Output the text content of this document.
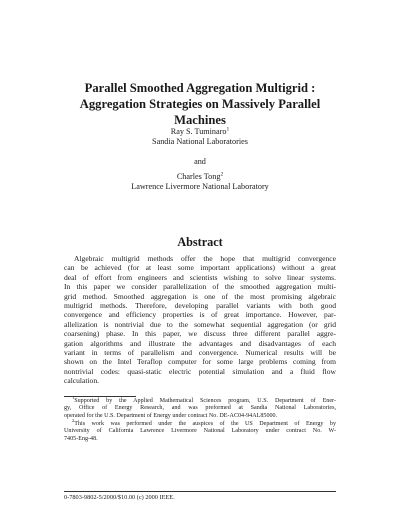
Parallel Smoothed Aggregation Multigrid :
Aggregation Strategies on Massively Parallel
Machines
Ray S. Tuminaro$^1$
Sandia National Laboratories
and
Charles Tong$^2$
Lawrence Livermore National Laboratory
Abstract
Algebraic multigrid methods offer the hope that multigrid convergence
can be achieved (for at least some important applications) without a great
deal of effort from engineers and scientists wishing to solve linear systems.
In this paper we consider parallelization of the smoothed aggregation multi-
grid method. Smoothed aggregation is one of the most promising algebraic
multigrid methods. Therefore, developing parallel variants with both good
convergence and efficiency properties is of great importance. However, par-
allelization is nontrivial due to the somewhat sequential aggregation (or grid
coarsening) phase. In this paper, we discuss three different parallel aggre-
gation algorithms and illustrate the advantages and disadvantages of each
variant in terms of parallelism and convergence. Numerical results will be
shown on the Intel Teraflop computer for some large problems coming from
nontrivial codes: quasi-static electric potential simulation and a fluid flow
calculation.
$^1$Supported by the Applied Mathematical Sciences program, U.S. Department of Ener-
gy, Office of Energy Research, and was preformed at Sandia National Laboratories,
operated for the U.S. Department of Energy under contract No. DE-AC04-94AL85000.
$^2$This work was performed under the auspices of the US Department of Energy by
University of California Lawrence Livermore National Laboratory under contract No. W-
7405-Eng-48.
0-7803-9802-5/2000/$10.00 (c) 2000 IEEE.
